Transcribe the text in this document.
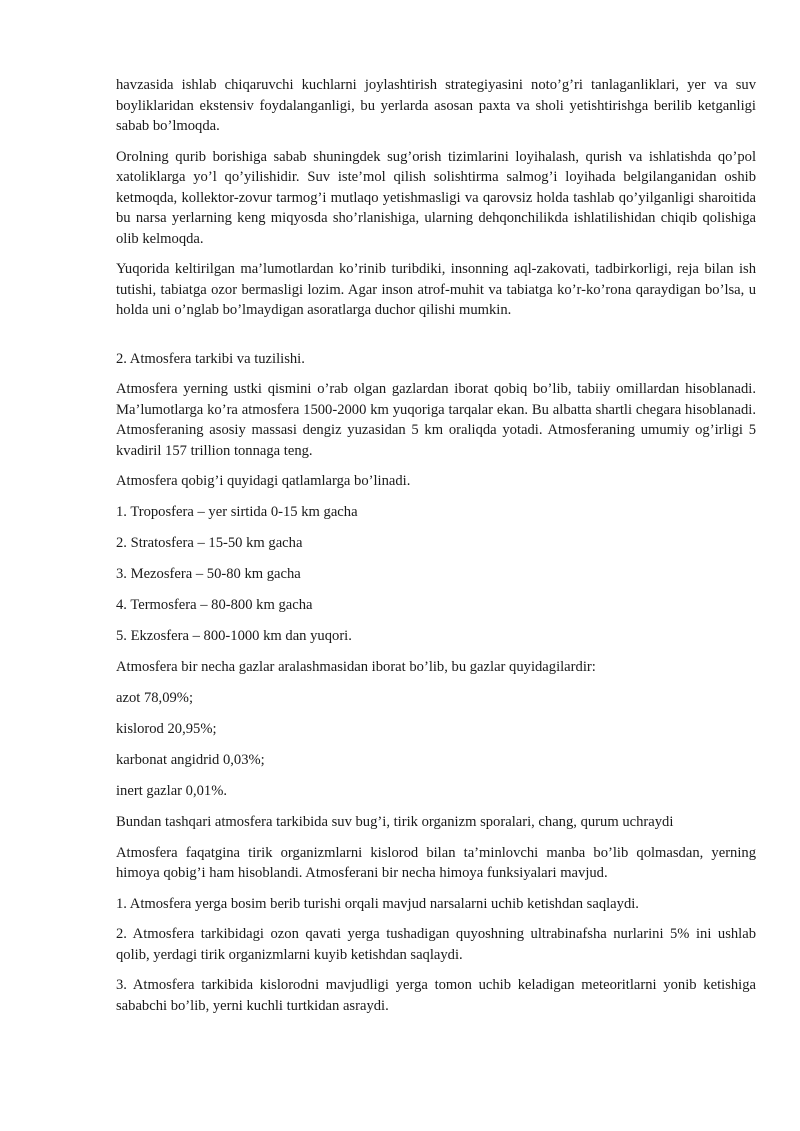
havzasida ishlab chiqaruvchi kuchlarni joylashtirish strategiyasini noto’g’ri tanlaganliklari, yer va suv boyliklaridan ekstensiv foydalanganligi, bu yerlarda asosan paxta va sholi yetishtirishga berilib ketganligi sabab bo’lmoqda.

Orolning qurib borishiga sabab shuningdek sug’orish tizimlarini loyihalash, qurish va ishlatishda qo’pol xatoliklarga yo’l qo’yilishidir. Suv iste’mol qilish solishtirma salmog’i loyihada belgilanganidan oshib ketmoqda, kollektor-zovur tarmog’i mutlaqo yetishmasligi va qarovsiz holda tashlab qo’yilganligi sharoitida bu narsa yerlarning keng miqyosda sho’rlanishiga, ularning dehqonchilikda ishlatilishidan chiqib qolishiga olib kelmoqda.

Yuqorida keltirilgan ma’lumotlardan ko’rinib turibdiki, insonning aql-zakovati, tadbirkorligi, reja bilan ish tutishi, tabiatga ozor bermasligi lozim. Agar inson atrof-muhit va tabiatga ko’r-ko’rona qaraydigan bo’lsa, u holda uni o’nglab bo’lmaydigan asoratlarga duchor qilishi mumkin.

2. Atmosfera tarkibi va tuzilishi.

Atmosfera yerning ustki qismini o’rab olgan gazlardan iborat qobiq bo’lib, tabiiy omillardan hisoblanadi. Ma’lumotlarga ko’ra atmosfera 1500-2000 km yuqoriga tarqalar ekan. Bu albatta shartli chegara hisoblanadi. Atmosferaning asosiy massasi dengiz yuzasidan 5 km oraliqda yotadi. Atmosferaning umumiy og’irligi 5 kvadiril 157 trillion tonnaga teng.

Atmosfera qobig’i quyidagi qatlamlarga bo’linadi.

1. Troposfera – yer sirtida 0-15 km gacha

2. Stratosfera – 15-50 km gacha

3. Mezosfera – 50-80 km gacha

4. Termosfera – 80-800 km gacha

5. Ekzosfera – 800-1000 km dan yuqori.

Atmosfera bir necha gazlar aralashmasidan iborat bo’lib, bu gazlar quyidagilardir:

azot 78,09%;

kislorod 20,95%;

karbonat angidrid 0,03%;

inert gazlar 0,01%.

Bundan tashqari atmosfera tarkibida suv bug’i, tirik organizm sporalari, chang, qurum uchraydi

Atmosfera faqatgina tirik organizmlarni kislorod bilan ta’minlovchi manba bo’lib qolmasdan, yerning himoya qobig’i ham hisoblandi. Atmosferani bir necha himoya funksiyalari mavjud.

1. Atmosfera yerga bosim berib turishi orqali mavjud narsalarni uchib ketishdan saqlaydi.

2. Atmosfera tarkibidagi ozon qavati yerga tushadigan quyoshning ultrabinafsha nurlarini 5% ini ushlab qolib, yerdagi tirik organizmlarni kuyib ketishdan saqlaydi.

3. Atmosfera tarkibida kislorodni mavjudligi yerga tomon uchib keladigan meteoritlarni yonib ketishiga sababchi bo’lib, yerni kuchli turtkidan asraydi.
